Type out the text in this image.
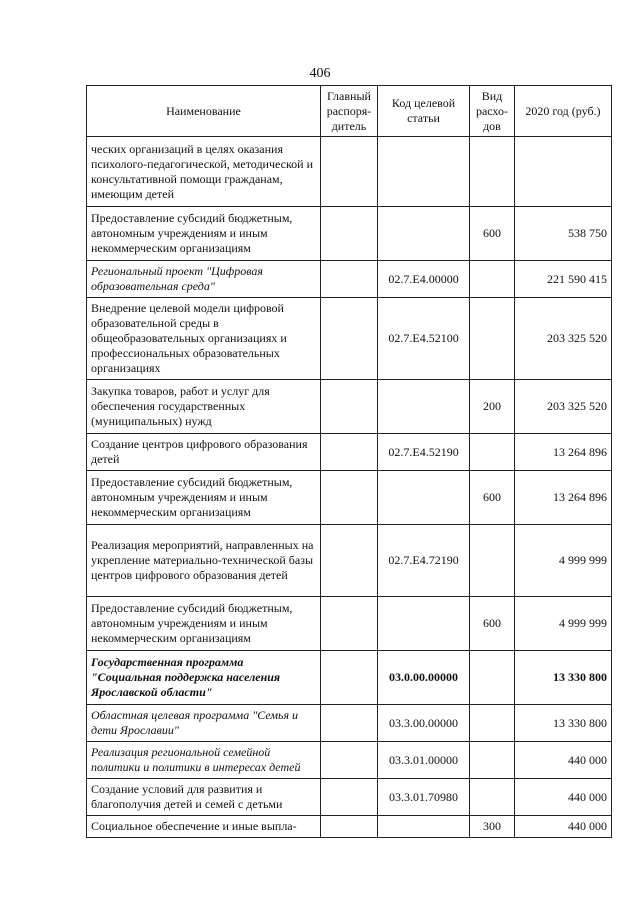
406
Наименование	Главный распоря-дитель	Код целевой статьи	Вид расхо-дов	2020 год (руб.)
ческих организаций в целях оказания психолого-педагогической, методической и консультативной помощи гражданам, имеющим детей				
Предоставление субсидий бюджетным, автономным учреждениям и иным некоммерческим организациям			600	538 750
Региональный проект "Цифровая образовательная среда"		02.7.Е4.00000		221 590 415
Внедрение целевой модели цифровой образовательной среды в общеобразовательных организациях и профессиональных образовательных организациях		02.7.Е4.52100		203 325 520
Закупка товаров, работ и услуг для обеспечения государственных (муниципальных) нужд			200	203 325 520
Создание центров цифрового образования детей		02.7.Е4.52190		13 264 896
Предоставление субсидий бюджетным, автономным учреждениям и иным некоммерческим организациям			600	13 264 896
Реализация мероприятий, направленных на укрепление материально-технической базы центров цифрового образования детей		02.7.Е4.72190		4 999 999
Предоставление субсидий бюджетным, автономным учреждениям и иным некоммерческим организациям			600	4 999 999
Государственная программа "Социальная поддержка населения Ярославской области"		03.0.00.00000		13 330 800
Областная целевая программа "Семья и дети Ярославии"		03.3.00.00000		13 330 800
Реализация региональной семейной политики и политики в интересах детей		03.3.01.00000		440 000
Создание условий для развития и благополучия детей и семей с детьми		03.3.01.70980		440 000
Социальное обеспечение и иные выпла-			300	440 000
